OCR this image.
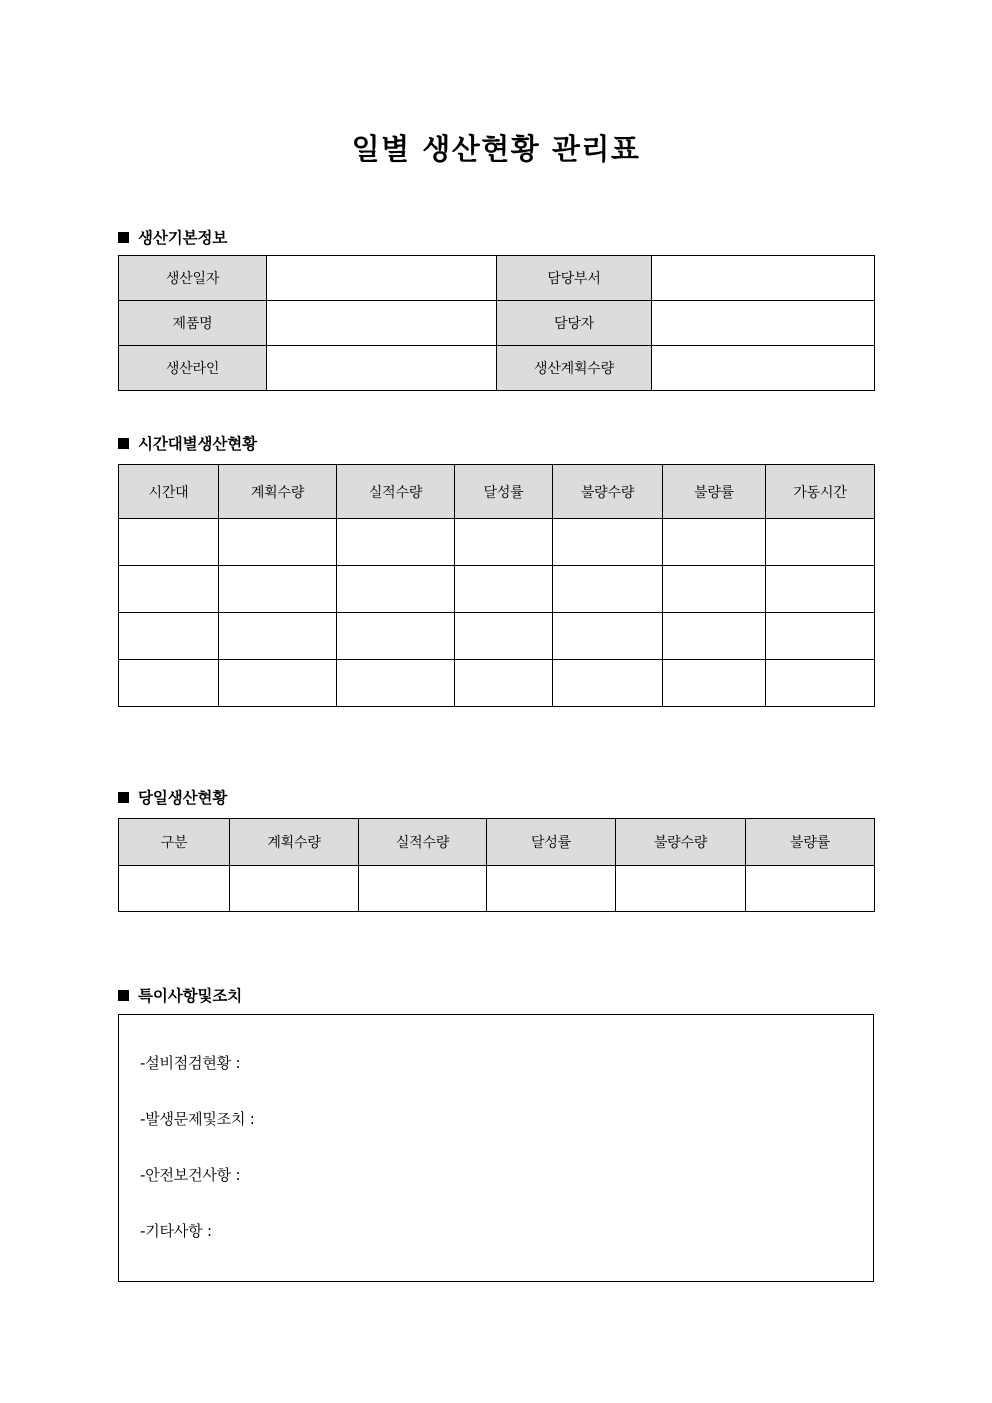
일별 생산현황 관리표
생산기본정보
생산일자		담당부서	
제품명		담당자	
생산라인		생산계획수량	
시간대별생산현황
시간대	계획수량	실적수량	달성률	불량수량	불량률	가동시간

당일생산현황
구분	계획수량	실적수량	달성률	불량수량	불량률

특이사항및조치
-설비점검현황 :
-발생문제및조치 :
-안전보건사항 :
-기타사항 :
